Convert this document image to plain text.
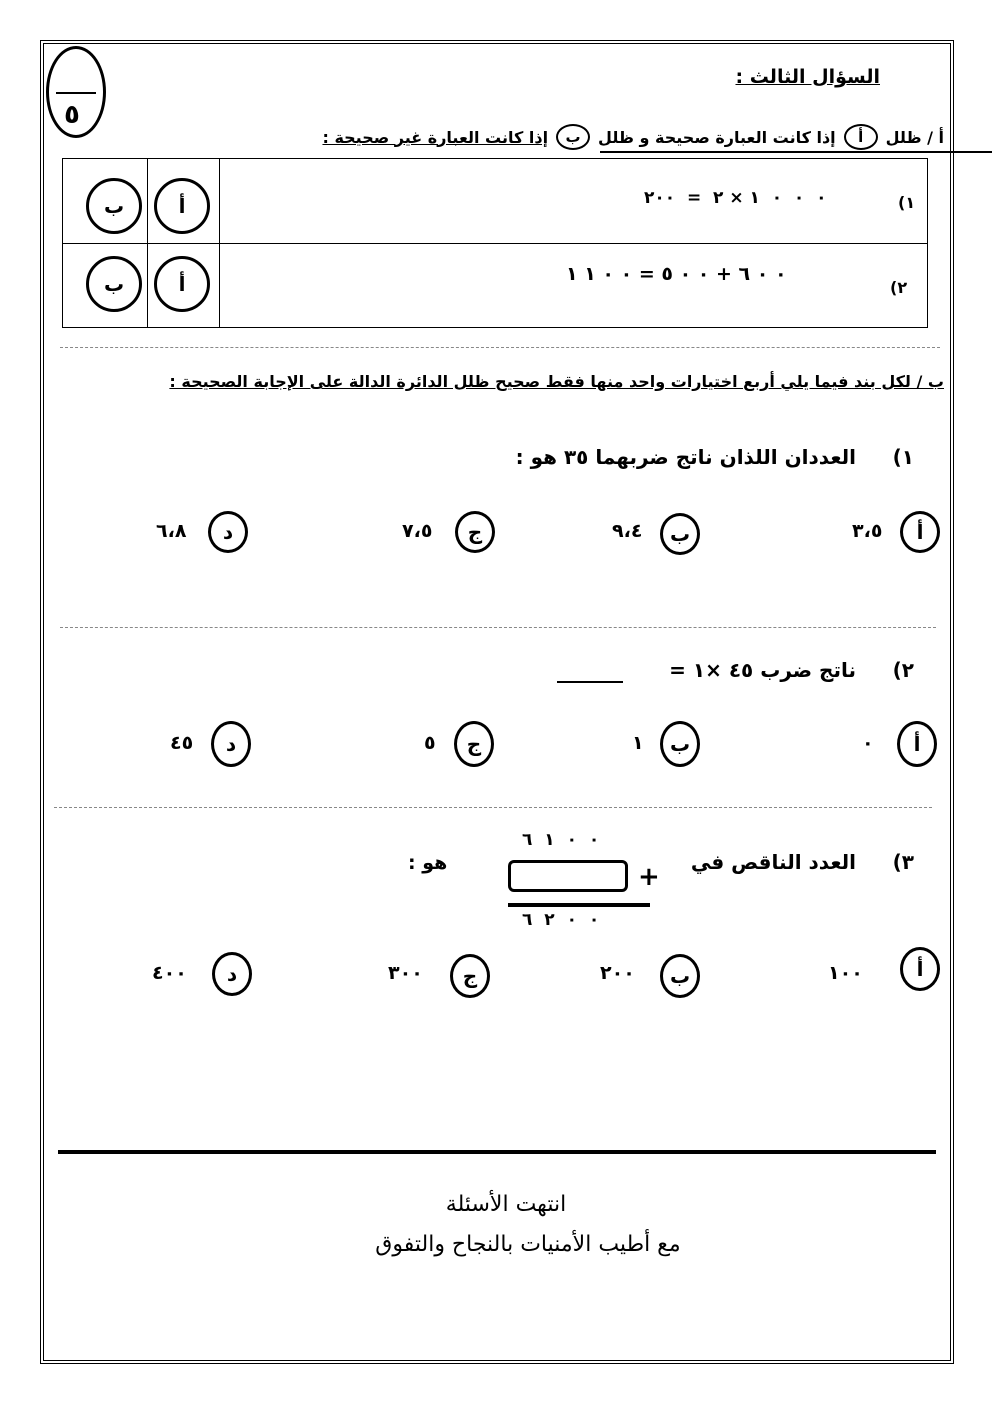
٥
السؤال الثالث :
أ / ظلل
أ
إذا كانت العبارة صحيحة و ظلل
ب
إذا كانت العبارة غير صحيحة :
١)
٢٠٠  =  ٢ × ١  ٠  ٠  ٠
أ
ب
٢)
١ ١ ٠ ٠ = ٥ ٠ ٠ + ٦ ٠ ٠
أ
ب
ب / لكل بند فيما يلي أربع اختيارات واحد منها فقط صحيح ظلل الدائرة الدالة على الإجابة الصحيحة :
١)
العددان اللذان ناتج ضربهما ٣٥ هو :
أ
٣،٥
ب
٩،٤
ج
٧،٥
د
٦،٨
٢)
ناتج ضرب ٤٥ ×١ =
أ
٠
ب
١
ج
٥
د
٤٥
٣)
العدد الناقص في
هو :
٦ ١ ٠ ٠
+
٦ ٢ ٠ ٠
أ
١٠٠
ب
٢٠٠
ج
٣٠٠
د
٤٠٠
انتهت الأسئلة
مع أطيب الأمنيات بالنجاح والتفوق
